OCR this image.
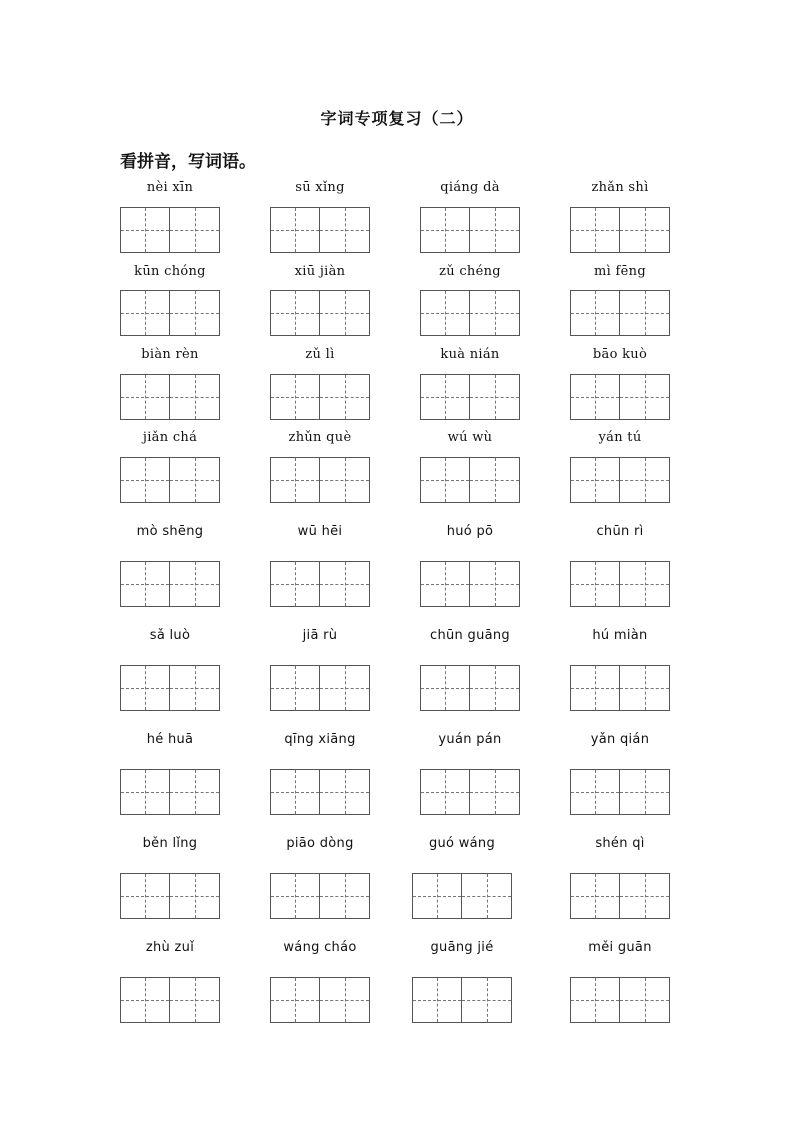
字词专项复习（二）
看拼音，写词语。
nèi xīn	sū xǐng	qiáng dà	zhǎn shì
kūn chóng	xiū jiàn	zǔ chéng	mì fēng
biàn rèn	zǔ lì	kuà nián	bāo kuò
jiǎn chá	zhǔn què	wú wù	yán tú
mò shēng	wū hēi	huó pō	chūn rì
sǎ luò	jiā rù	chūn guāng	hú miàn
hé huā	qīng xiāng	yuán pán	yǎn qián
běn lǐng	piāo dòng	guó wáng	shén qì
zhù zuǐ	wáng cháo	guāng jié	měi guān
